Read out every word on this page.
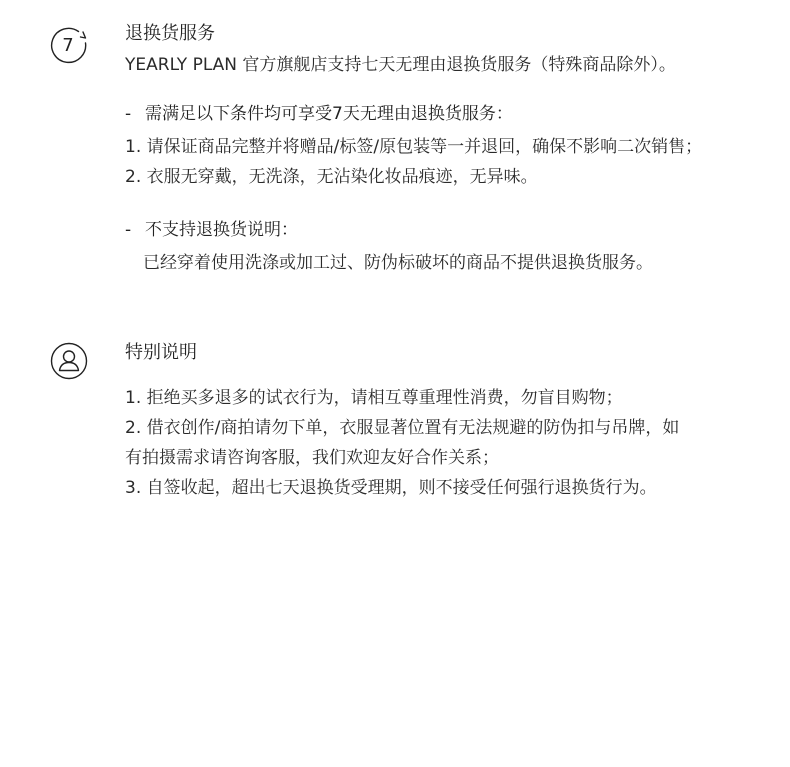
7
退换货服务
YEARLY PLAN 官方旗舰店支持七天无理由退换货服务（特殊商品除外）。
- 需满足以下条件均可享受7天无理由退换货服务：
1. 请保证商品完整并将赠品/标签/原包装等一并退回，确保不影响二次销售；
2. 衣服无穿戴，无洗涤，无沾染化妆品痕迹，无异味。
- 不支持退换货说明：
已经穿着使用洗涤或加工过、防伪标破坏的商品不提供退换货服务。
特别说明
1. 拒绝买多退多的试衣行为，请相互尊重理性消费，勿盲目购物；
2. 借衣创作/商拍请勿下单，衣服显著位置有无法规避的防伪扣与吊牌，如
有拍摄需求请咨询客服，我们欢迎友好合作关系；
3. 自签收起，超出七天退换货受理期，则不接受任何强行退换货行为。
